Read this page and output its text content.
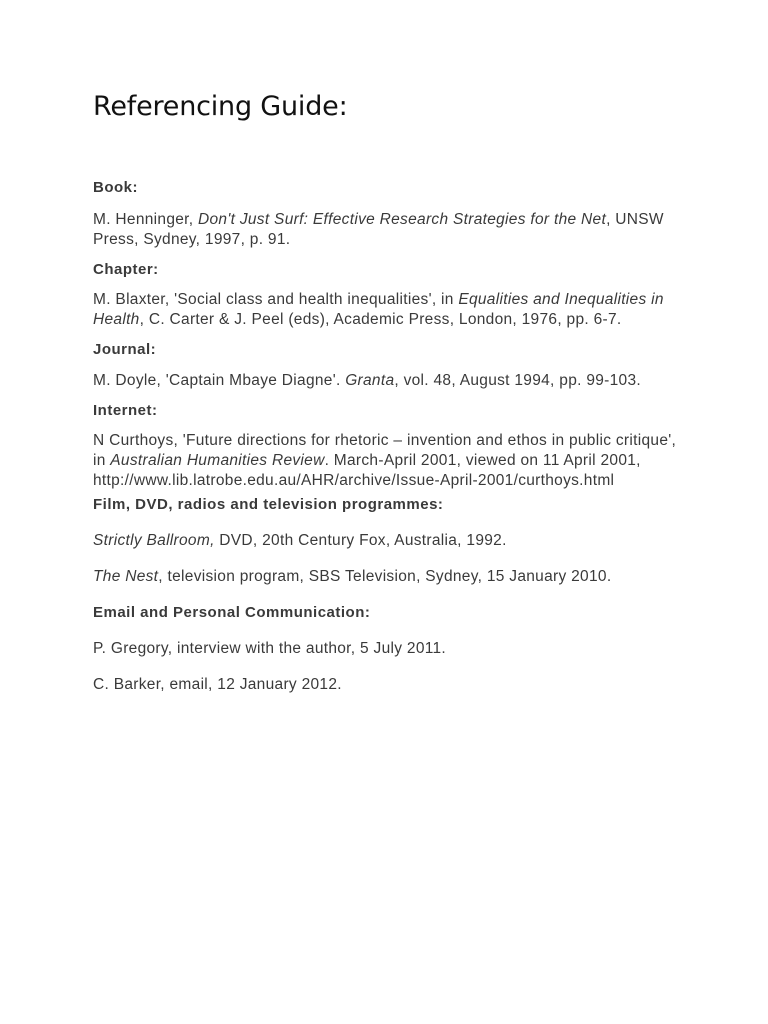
Referencing Guide:

Book:

M. Henninger, Don't Just Surf: Effective Research Strategies for the Net, UNSW Press, Sydney, 1997, p. 91.

Chapter:

M. Blaxter, 'Social class and health inequalities', in Equalities and Inequalities in Health, C. Carter & J. Peel (eds), Academic Press, London, 1976, pp. 6-7.

Journal:

M. Doyle, 'Captain Mbaye Diagne'. Granta, vol. 48, August 1994, pp. 99-103.

Internet:

N Curthoys, 'Future directions for rhetoric – invention and ethos in public critique', in Australian Humanities Review. March-April 2001, viewed on 11 April 2001, http://www.lib.latrobe.edu.au/AHR/archive/Issue-April-2001/curthoys.html

Film, DVD, radios and television programmes:

Strictly Ballroom, DVD, 20th Century Fox, Australia, 1992.

The Nest, television program, SBS Television, Sydney, 15 January 2010.

Email and Personal Communication:

P. Gregory, interview with the author, 5 July 2011.

C. Barker, email, 12 January 2012.
